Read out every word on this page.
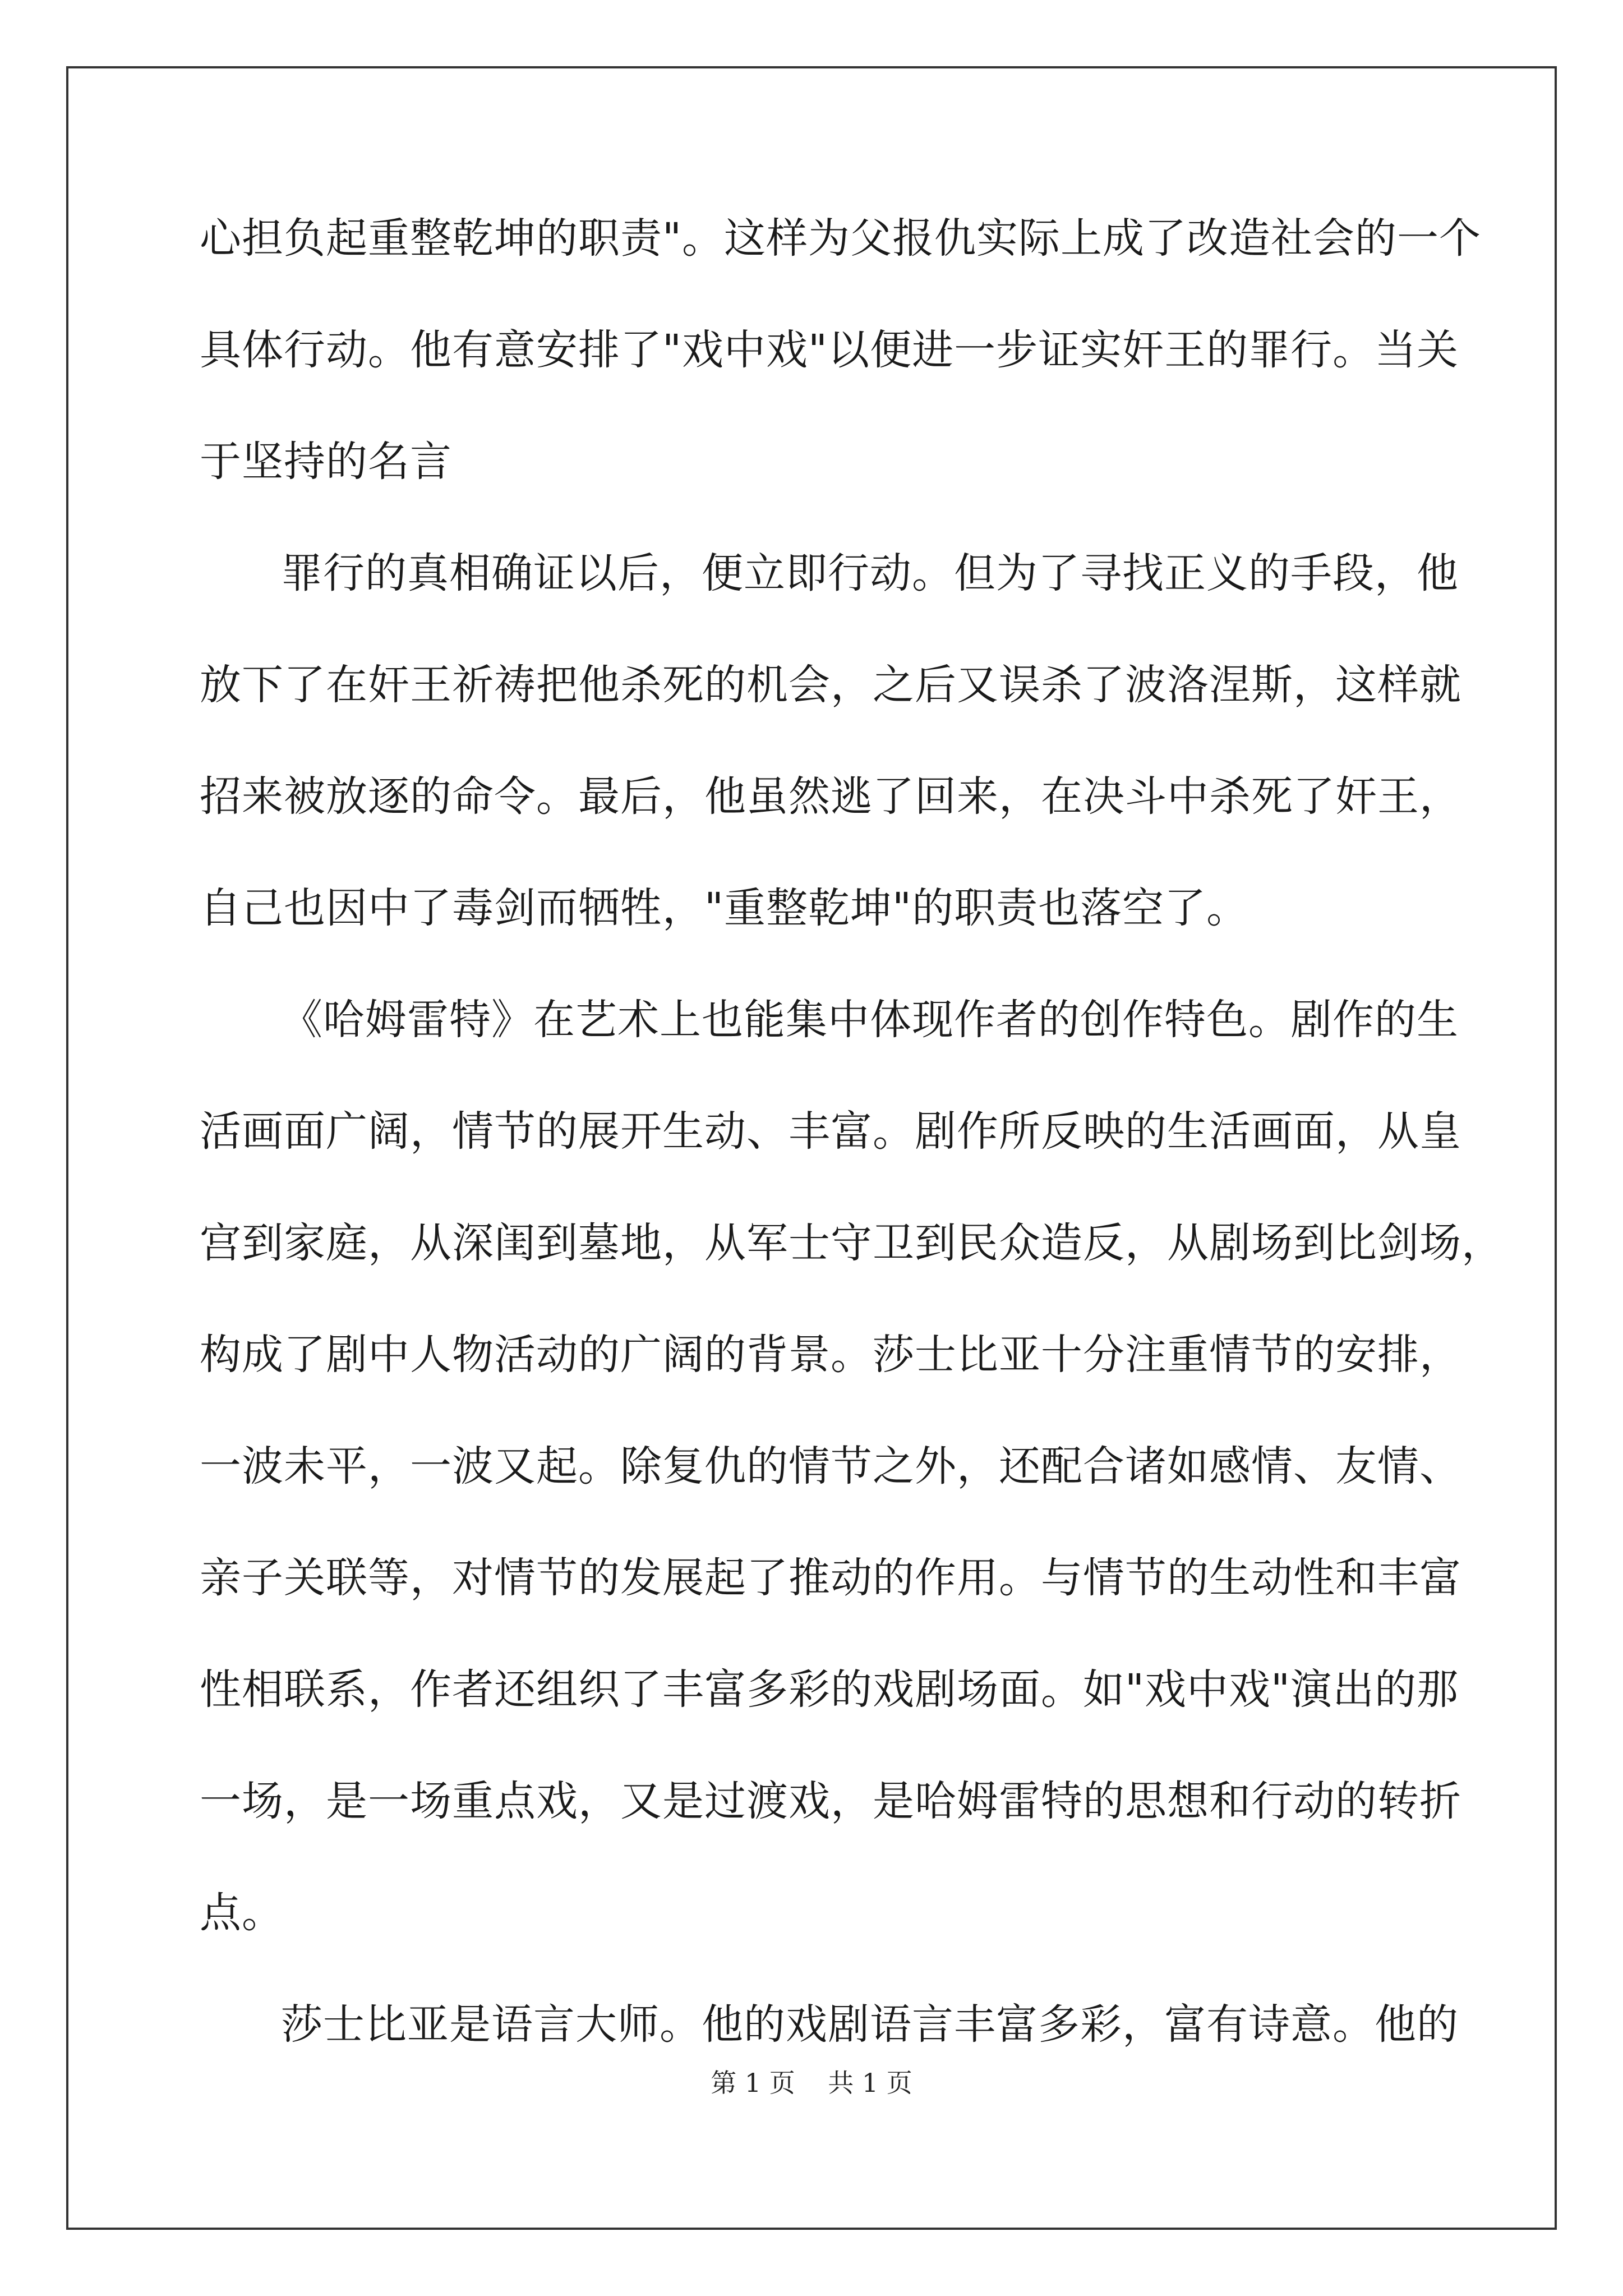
心担负起重整乾坤的职责"。这样为父报仇实际上成了改造社会的一个
具体行动。他有意安排了"戏中戏"以便进一步证实奸王的罪行。当关
于坚持的名言
罪行的真相确证以后，便立即行动。但为了寻找正义的手段，他
放下了在奸王祈祷把他杀死的机会，之后又误杀了波洛涅斯，这样就
招来被放逐的命令。最后，他虽然逃了回来，在决斗中杀死了奸王，
自己也因中了毒剑而牺牲，"重整乾坤"的职责也落空了。
《哈姆雷特》在艺术上也能集中体现作者的创作特色。剧作的生
活画面广阔，情节的展开生动、丰富。剧作所反映的生活画面，从皇
宫到家庭，从深闺到墓地，从军士守卫到民众造反，从剧场到比剑场，
构成了剧中人物活动的广阔的背景。莎士比亚十分注重情节的安排，
一波未平，一波又起。除复仇的情节之外，还配合诸如感情、友情、
亲子关联等，对情节的发展起了推动的作用。与情节的生动性和丰富
性相联系，作者还组织了丰富多彩的戏剧场面。如"戏中戏"演出的那
一场，是一场重点戏，又是过渡戏，是哈姆雷特的思想和行动的转折
点。
莎士比亚是语言大师。他的戏剧语言丰富多彩，富有诗意。他的
第 1 页    共 1 页
